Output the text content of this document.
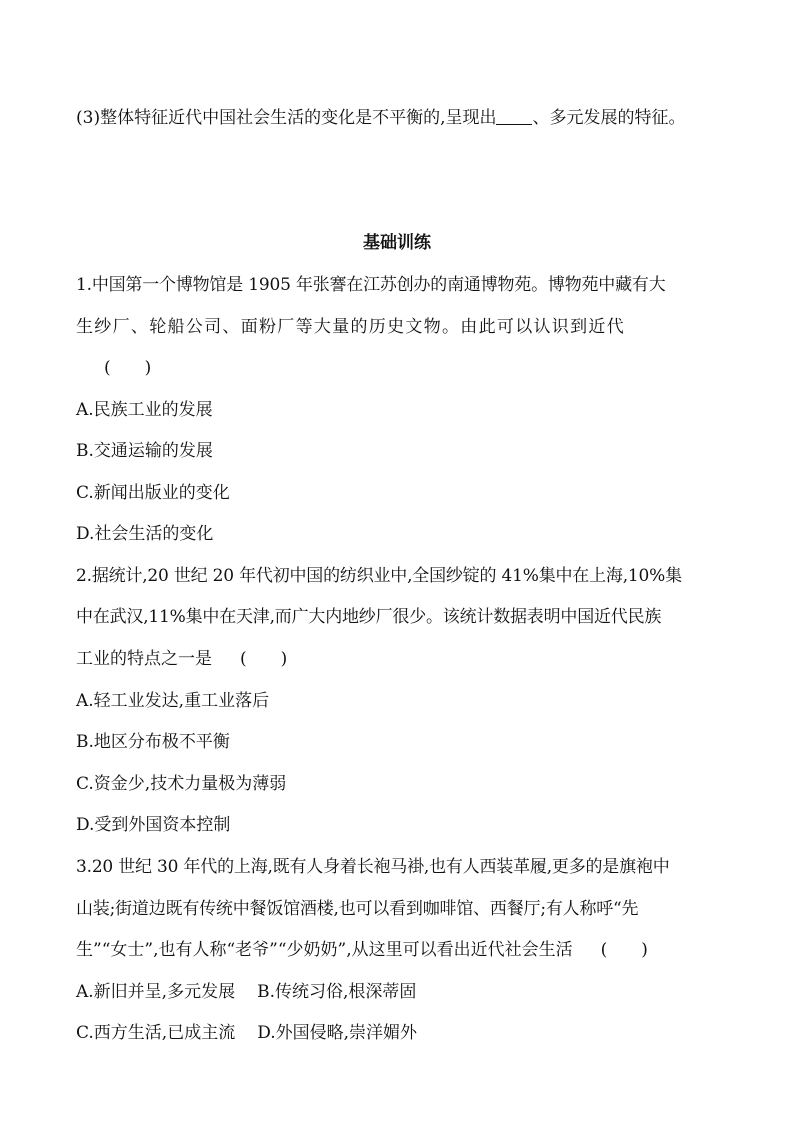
(3)整体特征近代中国社会生活的变化是不平衡的,呈现出 、多元发展的特征。
基础训练
1.中国第一个博物馆是 1905 年张謇在江苏创办的南通博物苑。博物苑中藏有大
生纱厂、轮船公司、面粉厂等大量的历史文物。由此可以认识到近代
(　　)
A.民族工业的发展
B.交通运输的发展
C.新闻出版业的变化
D.社会生活的变化
2.据统计,20 世纪 20 年代初中国的纺织业中,全国纱锭的 41%集中在上海,10%集
中在武汉,11%集中在天津,而广大内地纱厂很少。该统计数据表明中国近代民族
工业的特点之一是 (　　)
A.轻工业发达,重工业落后
B.地区分布极不平衡
C.资金少,技术力量极为薄弱
D.受到外国资本控制
3.20 世纪 30 年代的上海,既有人身着长袍马褂,也有人西装革履,更多的是旗袍中
山装;街道边既有传统中餐饭馆酒楼,也可以看到咖啡馆、西餐厅;有人称呼“先
生”“女士”,也有人称“老爷”“少奶奶”,从这里可以看出近代社会生活 (　　)
A.新旧并呈,多元发展 B.传统习俗,根深蒂固
C.西方生活,已成主流 D.外国侵略,崇洋媚外
